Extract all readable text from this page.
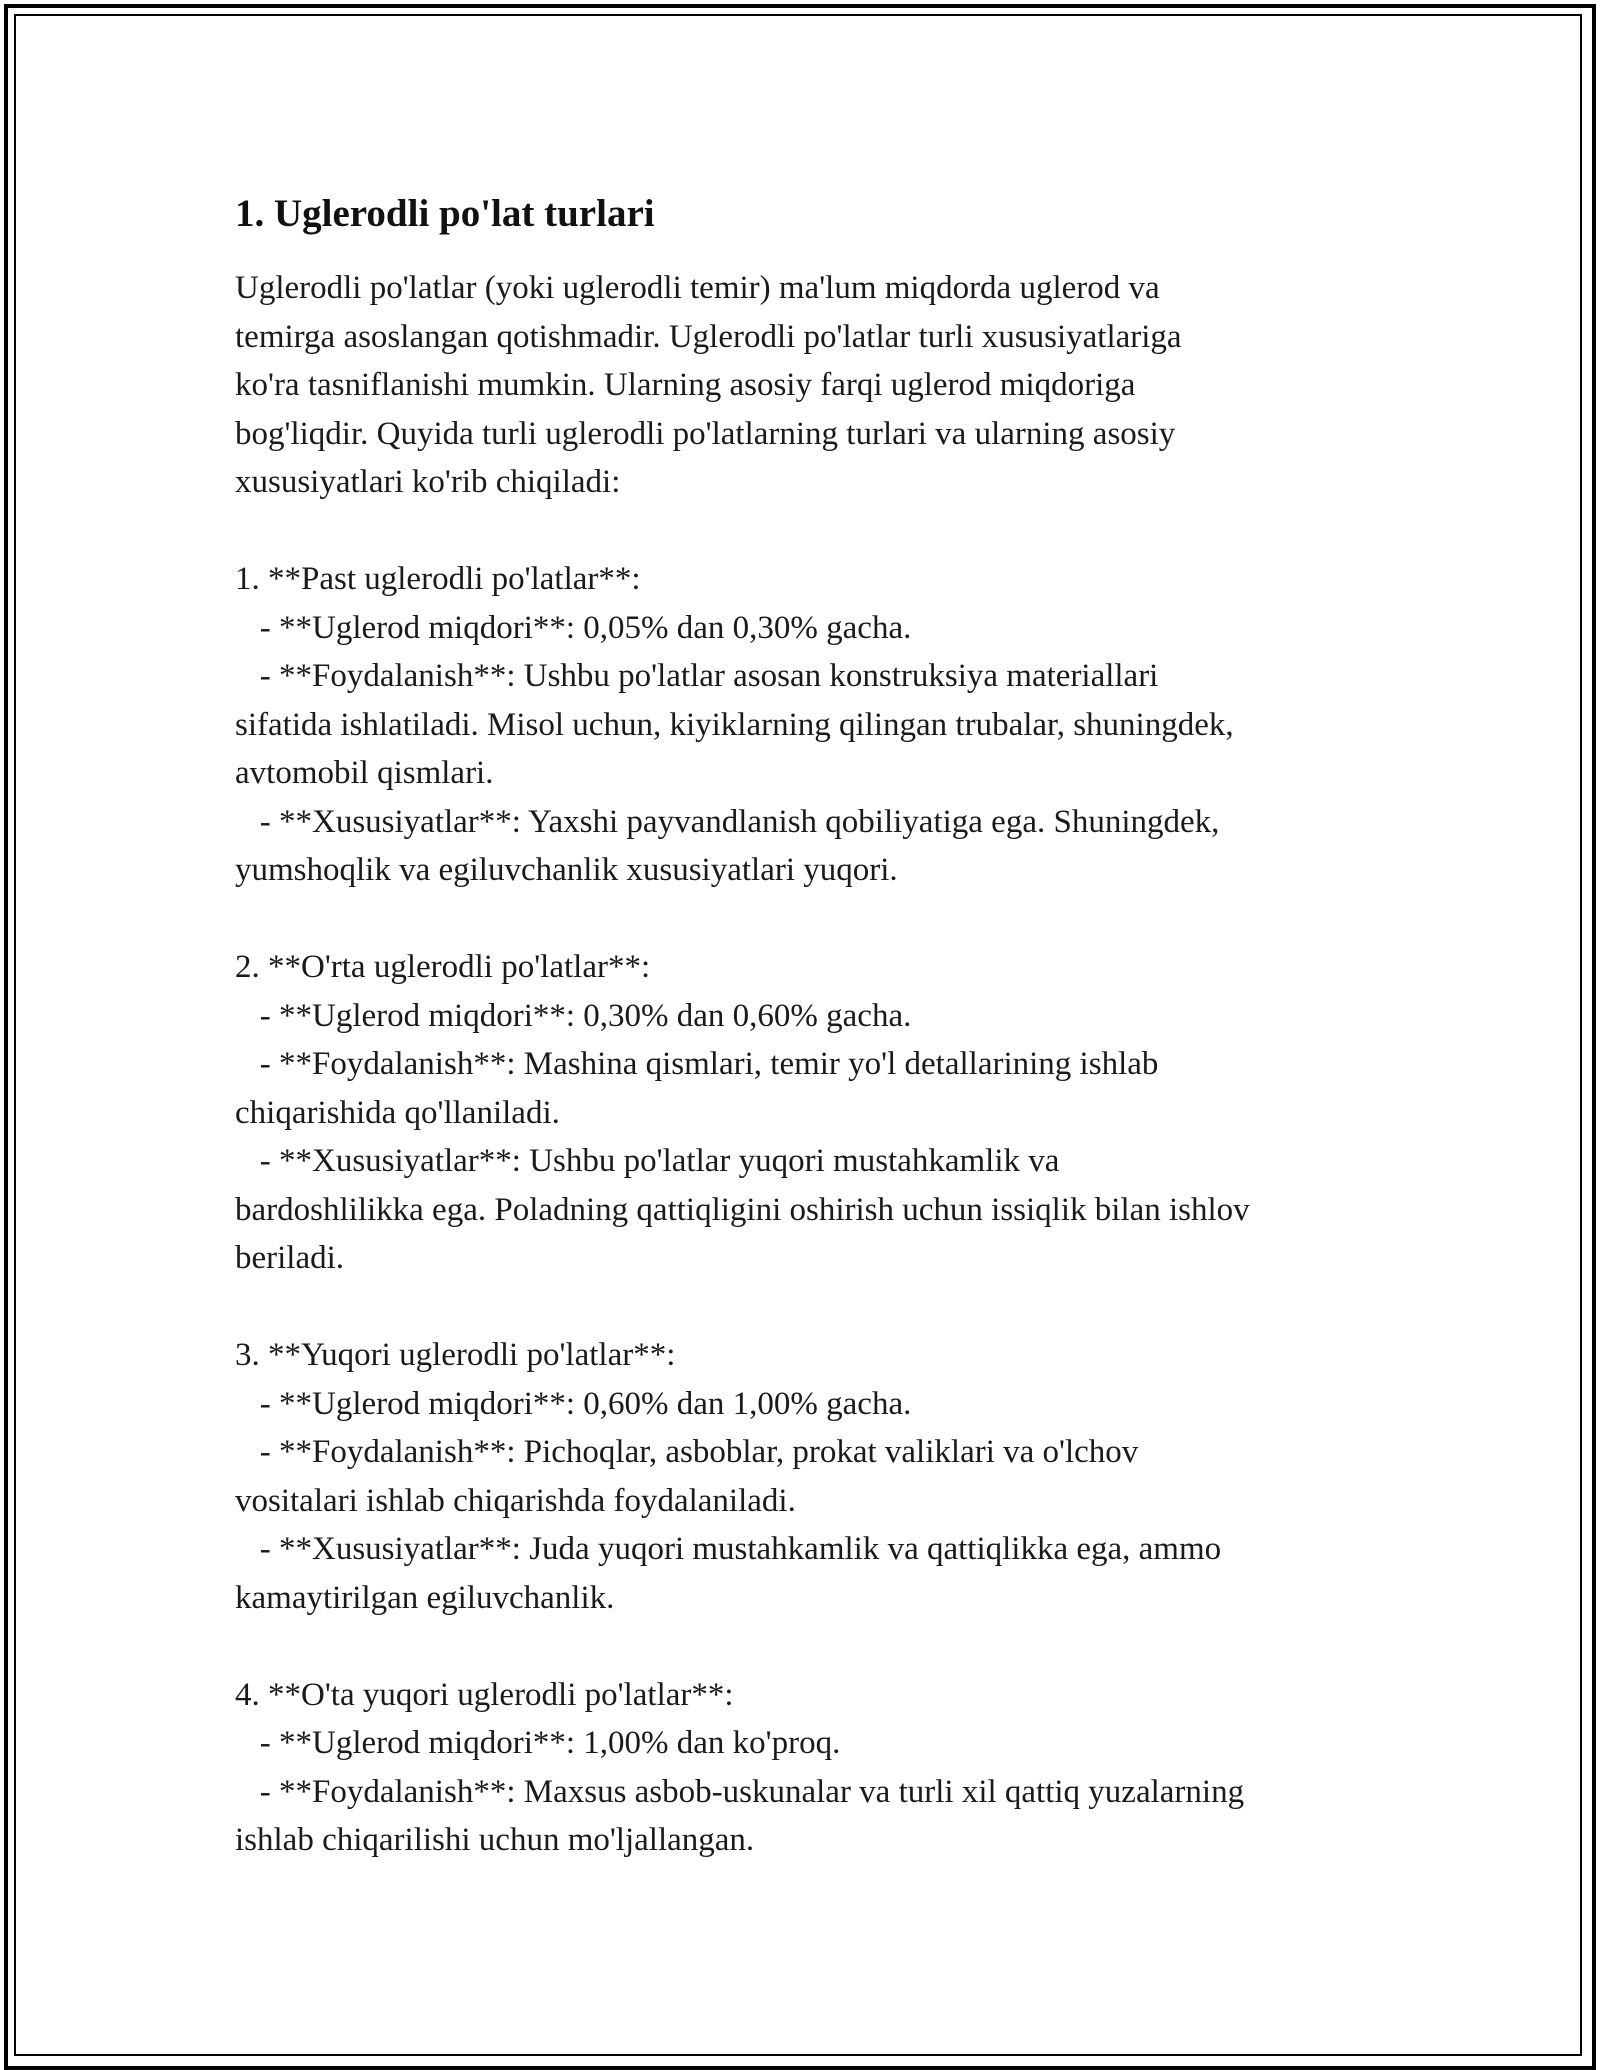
1. Uglerodli po'lat turlari

Uglerodli po'latlar (yoki uglerodli temir) ma'lum miqdorda uglerod va
temirga asoslangan qotishmadir. Uglerodli po'latlar turli xususiyatlariga
ko'ra tasniflanishi mumkin. Ularning asosiy farqi uglerod miqdoriga
bog'liqdir. Quyida turli uglerodli po'latlarning turlari va ularning asosiy
xususiyatlari ko'rib chiqiladi:

1. **Past uglerodli po'latlar**:
- **Uglerod miqdori**: 0,05% dan 0,30% gacha.
- **Foydalanish**: Ushbu po'latlar asosan konstruksiya materiallari
sifatida ishlatiladi. Misol uchun, kiyiklarning qilingan trubalar, shuningdek,
avtomobil qismlari.
- **Xususiyatlar**: Yaxshi payvandlanish qobiliyatiga ega. Shuningdek,
yumshoqlik va egiluvchanlik xususiyatlari yuqori.

2. **O'rta uglerodli po'latlar**:
- **Uglerod miqdori**: 0,30% dan 0,60% gacha.
- **Foydalanish**: Mashina qismlari, temir yo'l detallarining ishlab
chiqarishida qo'llaniladi.
- **Xususiyatlar**: Ushbu po'latlar yuqori mustahkamlik va
bardoshlilikka ega. Poladning qattiqligini oshirish uchun issiqlik bilan ishlov
beriladi.

3. **Yuqori uglerodli po'latlar**:
- **Uglerod miqdori**: 0,60% dan 1,00% gacha.
- **Foydalanish**: Pichoqlar, asboblar, prokat valiklari va o'lchov
vositalari ishlab chiqarishda foydalaniladi.
- **Xususiyatlar**: Juda yuqori mustahkamlik va qattiqlikka ega, ammo
kamaytirilgan egiluvchanlik.

4. **O'ta yuqori uglerodli po'latlar**:
- **Uglerod miqdori**: 1,00% dan ko'proq.
- **Foydalanish**: Maxsus asbob-uskunalar va turli xil qattiq yuzalarning
ishlab chiqarilishi uchun mo'ljallangan.
